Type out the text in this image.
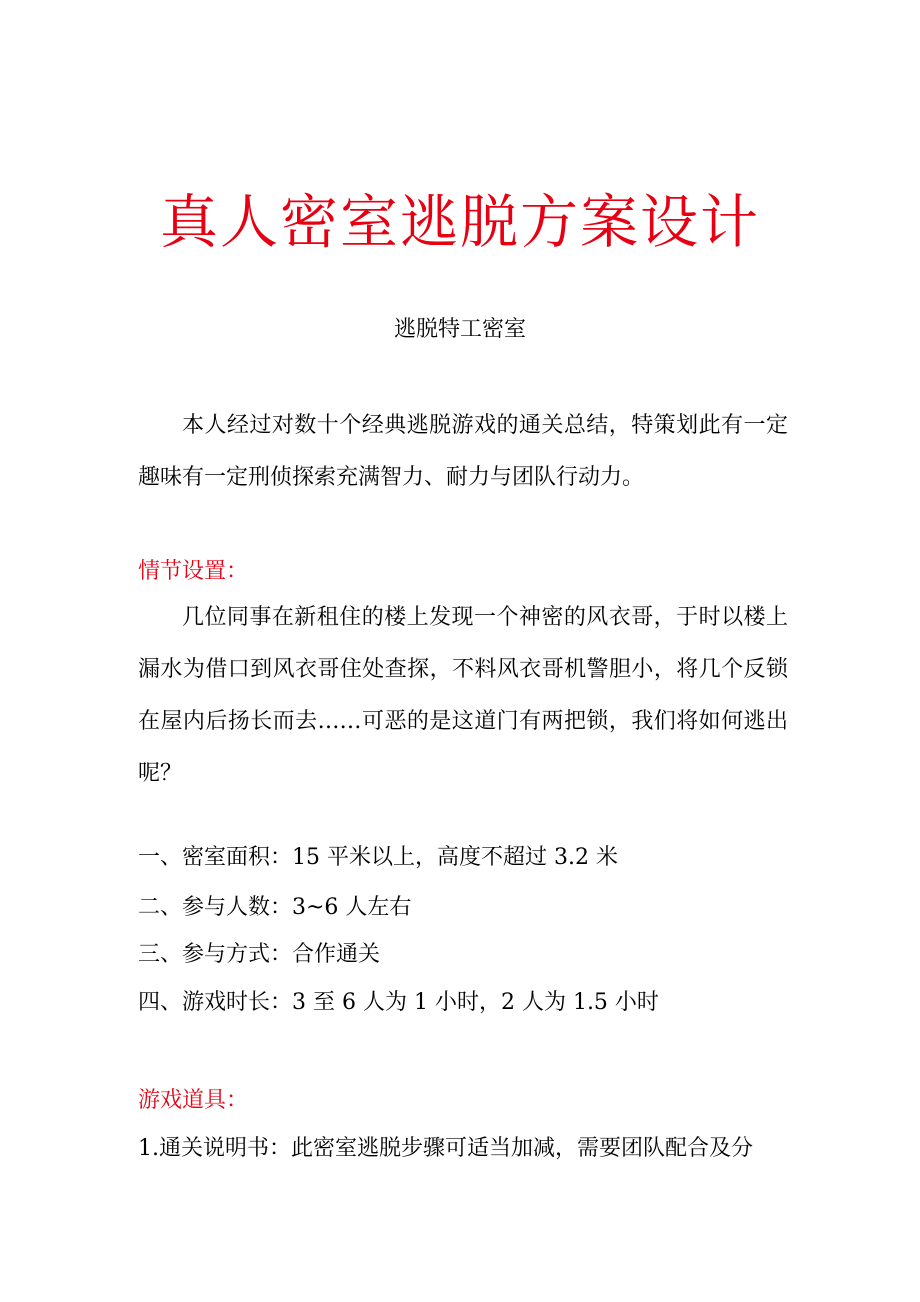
真人密室逃脱方案设计

逃脱特工密室

本人经过对数十个经典逃脱游戏的通关总结，特策划此有一定趣味有一定刑侦探索充满智力、耐力与团队行动力。

情节设置：

几位同事在新租住的楼上发现一个神密的风衣哥，于时以楼上漏水为借口到风衣哥住处查探，不料风衣哥机警胆小，将几个反锁在屋内后扬长而去……可恶的是这道门有两把锁，我们将如何逃出呢？

一、密室面积：15 平米以上，高度不超过 3.2 米

二、参与人数：3~6 人左右

三、参与方式：合作通关

四、游戏时长：3 至 6 人为 1 小时，2 人为 1.5 小时

游戏道具：

1.通关说明书：此密室逃脱步骤可适当加减，需要团队配合及分
